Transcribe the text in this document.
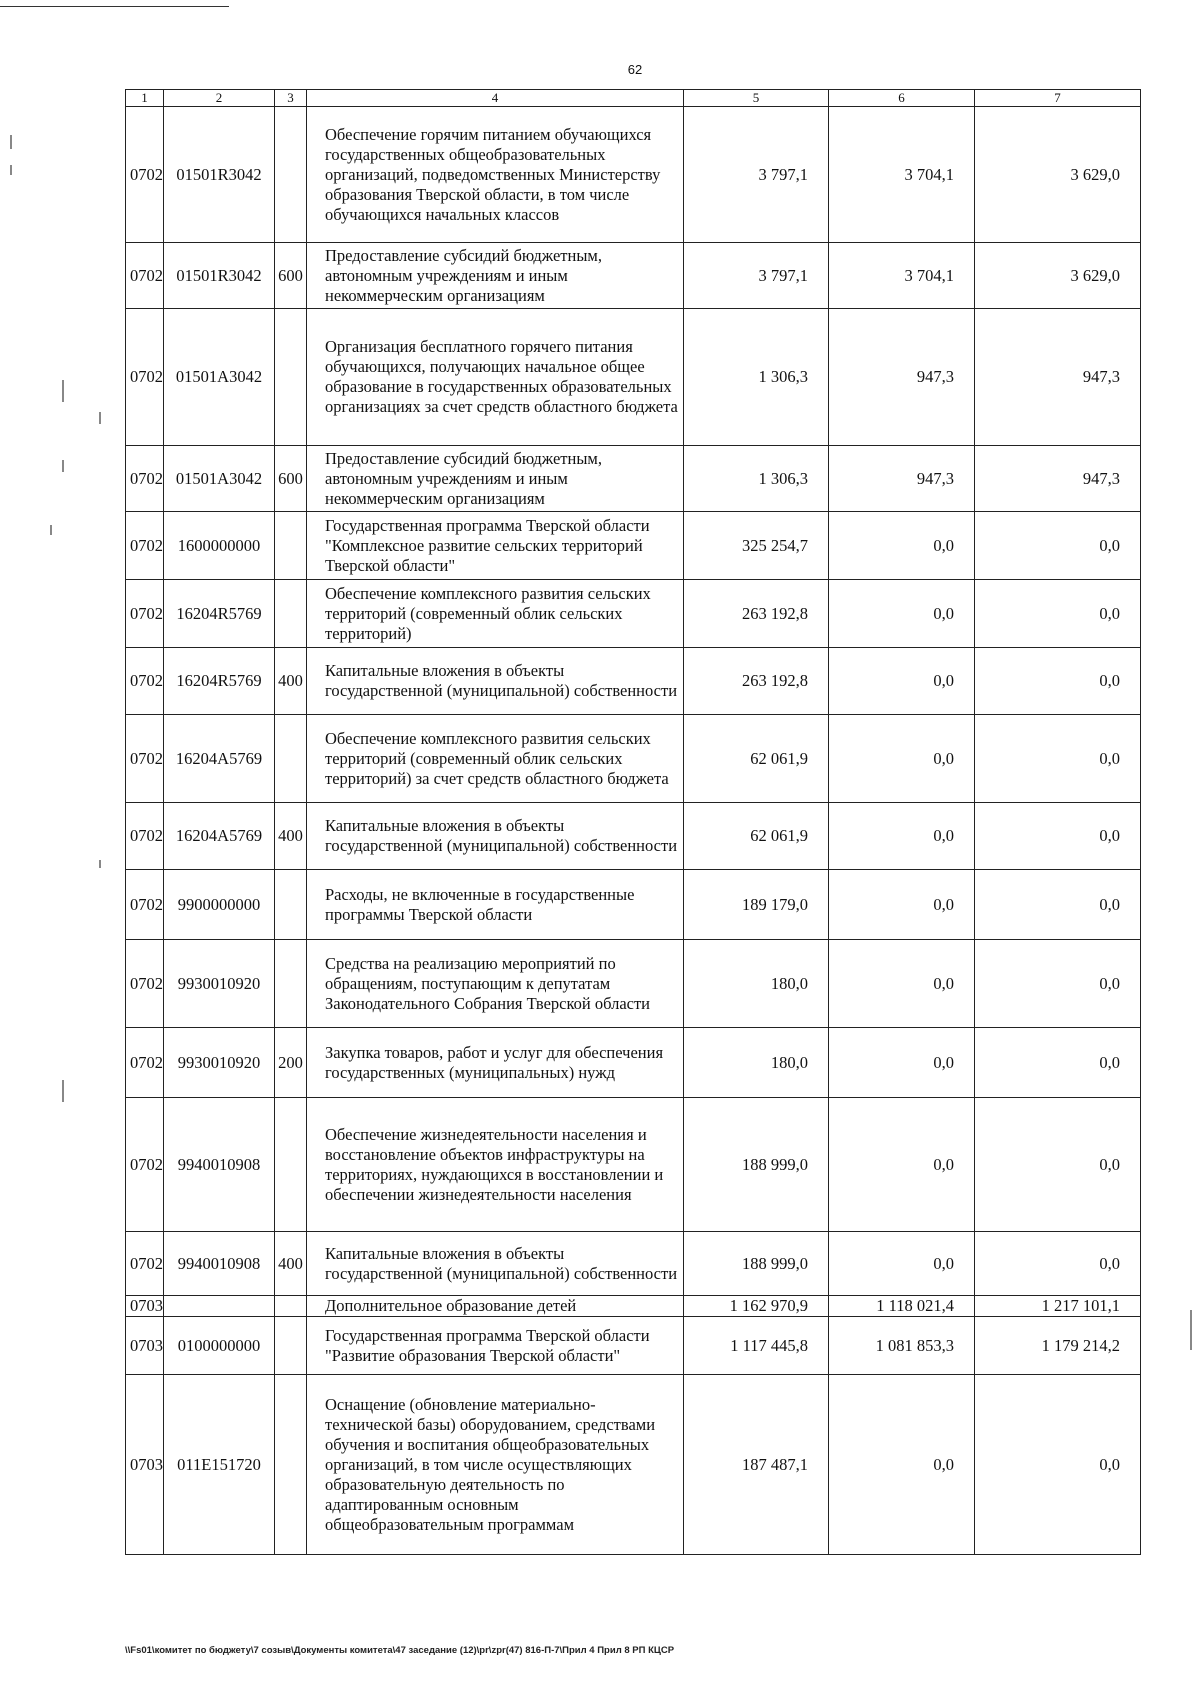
62
1	2	3	4	5	6	7
0702	01501R3042		Обеспечение горячим питанием обучающихся государственных общеобразовательных организаций, подведомственных Министерству образования Тверской области, в том числе обучающихся начальных классов	3 797,1	3 704,1	3 629,0
0702	01501R3042	600	Предоставление субсидий бюджетным, автономным учреждениям и иным некоммерческим организациям	3 797,1	3 704,1	3 629,0
0702	01501A3042		Организация бесплатного горячего питания обучающихся, получающих начальное общее образование в государственных образовательных организациях за счет средств областного бюджета	1 306,3	947,3	947,3
0702	01501A3042	600	Предоставление субсидий бюджетным, автономным учреждениям и иным некоммерческим организациям	1 306,3	947,3	947,3
0702	1600000000		Государственная программа Тверской области "Комплексное развитие сельских территорий Тверской области"	325 254,7	0,0	0,0
0702	16204R5769		Обеспечение комплексного развития сельских территорий (современный облик сельских территорий)	263 192,8	0,0	0,0
0702	16204R5769	400	Капитальные вложения в объекты государственной (муниципальной) собственности	263 192,8	0,0	0,0
0702	16204A5769		Обеспечение комплексного развития сельских территорий (современный облик сельских территорий) за счет средств областного бюджета	62 061,9	0,0	0,0
0702	16204A5769	400	Капитальные вложения в объекты государственной (муниципальной) собственности	62 061,9	0,0	0,0
0702	9900000000		Расходы, не включенные в государственные программы Тверской области	189 179,0	0,0	0,0
0702	9930010920		Средства на реализацию мероприятий по обращениям, поступающим к депутатам Законодательного Собрания Тверской области	180,0	0,0	0,0
0702	9930010920	200	Закупка товаров, работ и услуг для обеспечения государственных (муниципальных) нужд	180,0	0,0	0,0
0702	9940010908		Обеспечение жизнедеятельности населения и восстановление объектов инфраструктуры на территориях, нуждающихся в восстановлении и обеспечении жизнедеятельности населения	188 999,0	0,0	0,0
0702	9940010908	400	Капитальные вложения в объекты государственной (муниципальной) собственности	188 999,0	0,0	0,0
0703			Дополнительное образование детей	1 162 970,9	1 118 021,4	1 217 101,1
0703	0100000000		Государственная программа Тверской области "Развитие образования Тверской области"	1 117 445,8	1 081 853,3	1 179 214,2
0703	011E151720		Оснащение (обновление материально-технической базы) оборудованием, средствами обучения и воспитания общеобразовательных организаций, в том числе осуществляющих образовательную деятельность по адаптированным основным общеобразовательным программам	187 487,1	0,0	0,0
\\Fs01\комитет по бюджету\7 созыв\Документы комитета\47 заседание (12)\pr\zpr(47) 816-П-7\Прил 4 Прил 8 РП КЦСР
